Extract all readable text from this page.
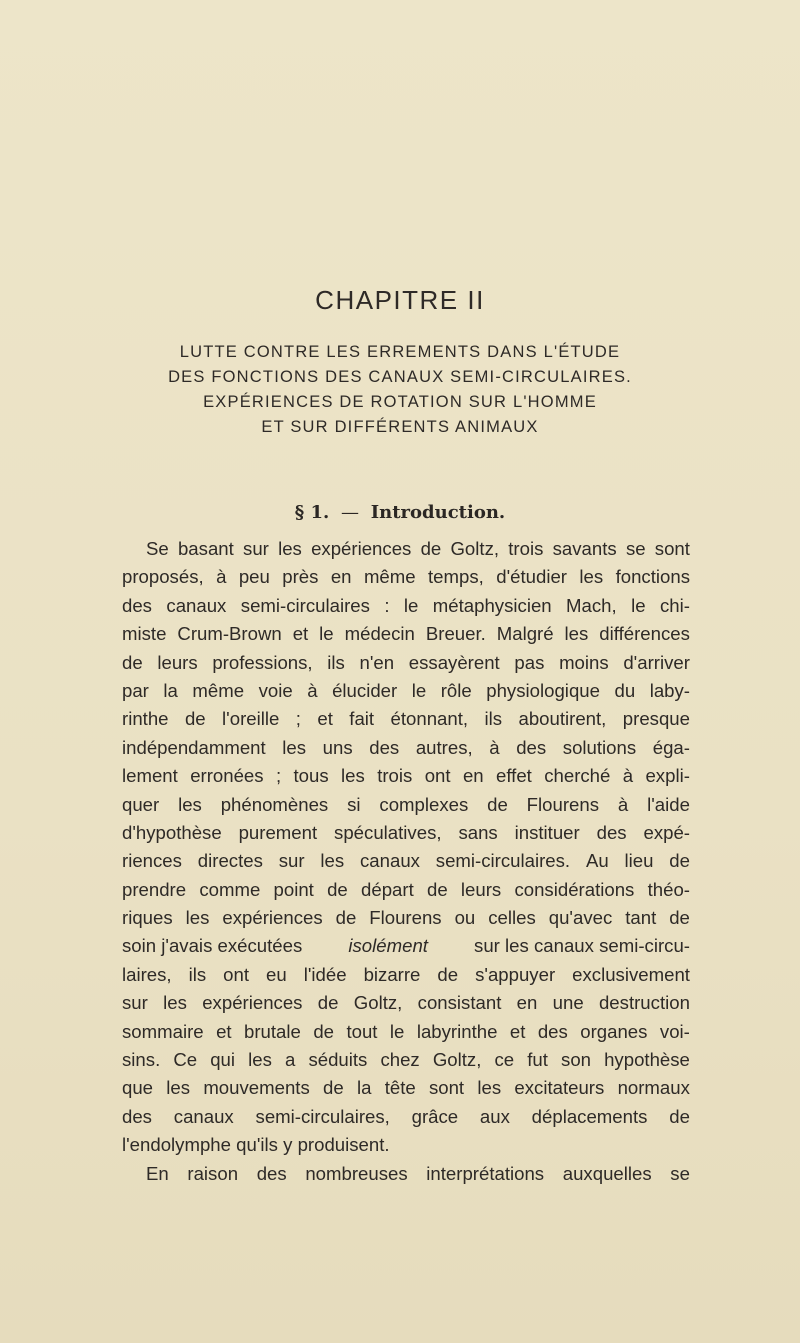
CHAPITRE II
LUTTE CONTRE LES ERREMENTS DANS L'ÉTUDE
DES FONCTIONS DES CANAUX SEMI-CIRCULAIRES.
EXPÉRIENCES DE ROTATION SUR L'HOMME
ET SUR DIFFÉRENTS ANIMAUX
§ 1. — Introduction.
Se basant sur les expériences de Goltz, trois savants se sont
proposés, à peu près en même temps, d'étudier les fonctions
des canaux semi-circulaires : le métaphysicien Mach, le chi-
miste Crum-Brown et le médecin Breuer. Malgré les différences
de leurs professions, ils n'en essayèrent pas moins d'arriver
par la même voie à élucider le rôle physiologique du laby-
rinthe de l'oreille ; et fait étonnant, ils aboutirent, presque
indépendamment les uns des autres, à des solutions éga-
lement erronées ; tous les trois ont en effet cherché à expli-
quer les phénomènes si complexes de Flourens à l'aide
d'hypothèse purement spéculatives, sans instituer des expé-
riences directes sur les canaux semi-circulaires. Au lieu de
prendre comme point de départ de leurs considérations théo-
riques les expériences de Flourens ou celles qu'avec tant de
soin j'avais exécutées isolément sur les canaux semi-circu-
laires, ils ont eu l'idée bizarre de s'appuyer exclusivement
sur les expériences de Goltz, consistant en une destruction
sommaire et brutale de tout le labyrinthe et des organes voi-
sins. Ce qui les a séduits chez Goltz, ce fut son hypothèse
que les mouvements de la tête sont les excitateurs normaux
des canaux semi-circulaires, grâce aux déplacements de
l'endolymphe qu'ils y produisent.
En raison des nombreuses interprétations auxquelles se
